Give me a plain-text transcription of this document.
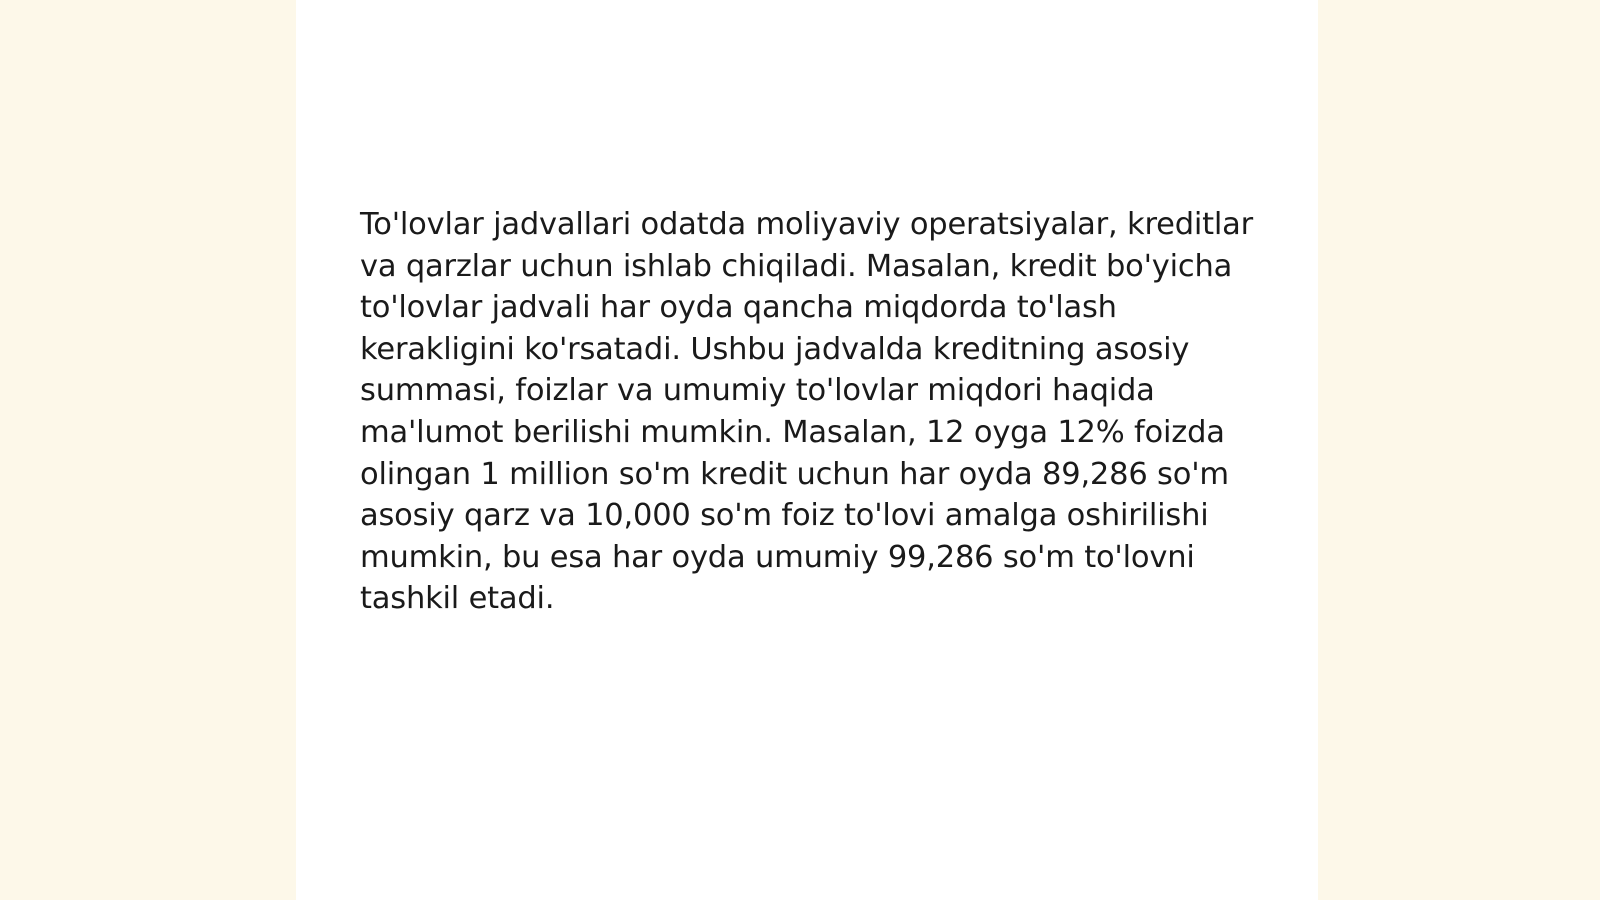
To'lovlar jadvallari odatda moliyaviy operatsiyalar, kreditlar va qarzlar uchun ishlab chiqiladi. Masalan, kredit bo'yicha to'lovlar jadvali har oyda qancha miqdorda to'lash kerakligini ko'rsatadi. Ushbu jadvalda kreditning asosiy summasi, foizlar va umumiy to'lovlar miqdori haqida ma'lumot berilishi mumkin. Masalan, 12 oyga 12% foizda olingan 1 million so'm kredit uchun har oyda 89,286 so'm asosiy qarz va 10,000 so'm foiz to'lovi amalga oshirilishi mumkin, bu esa har oyda umumiy 99,286 so'm to'lovni tashkil etadi.
